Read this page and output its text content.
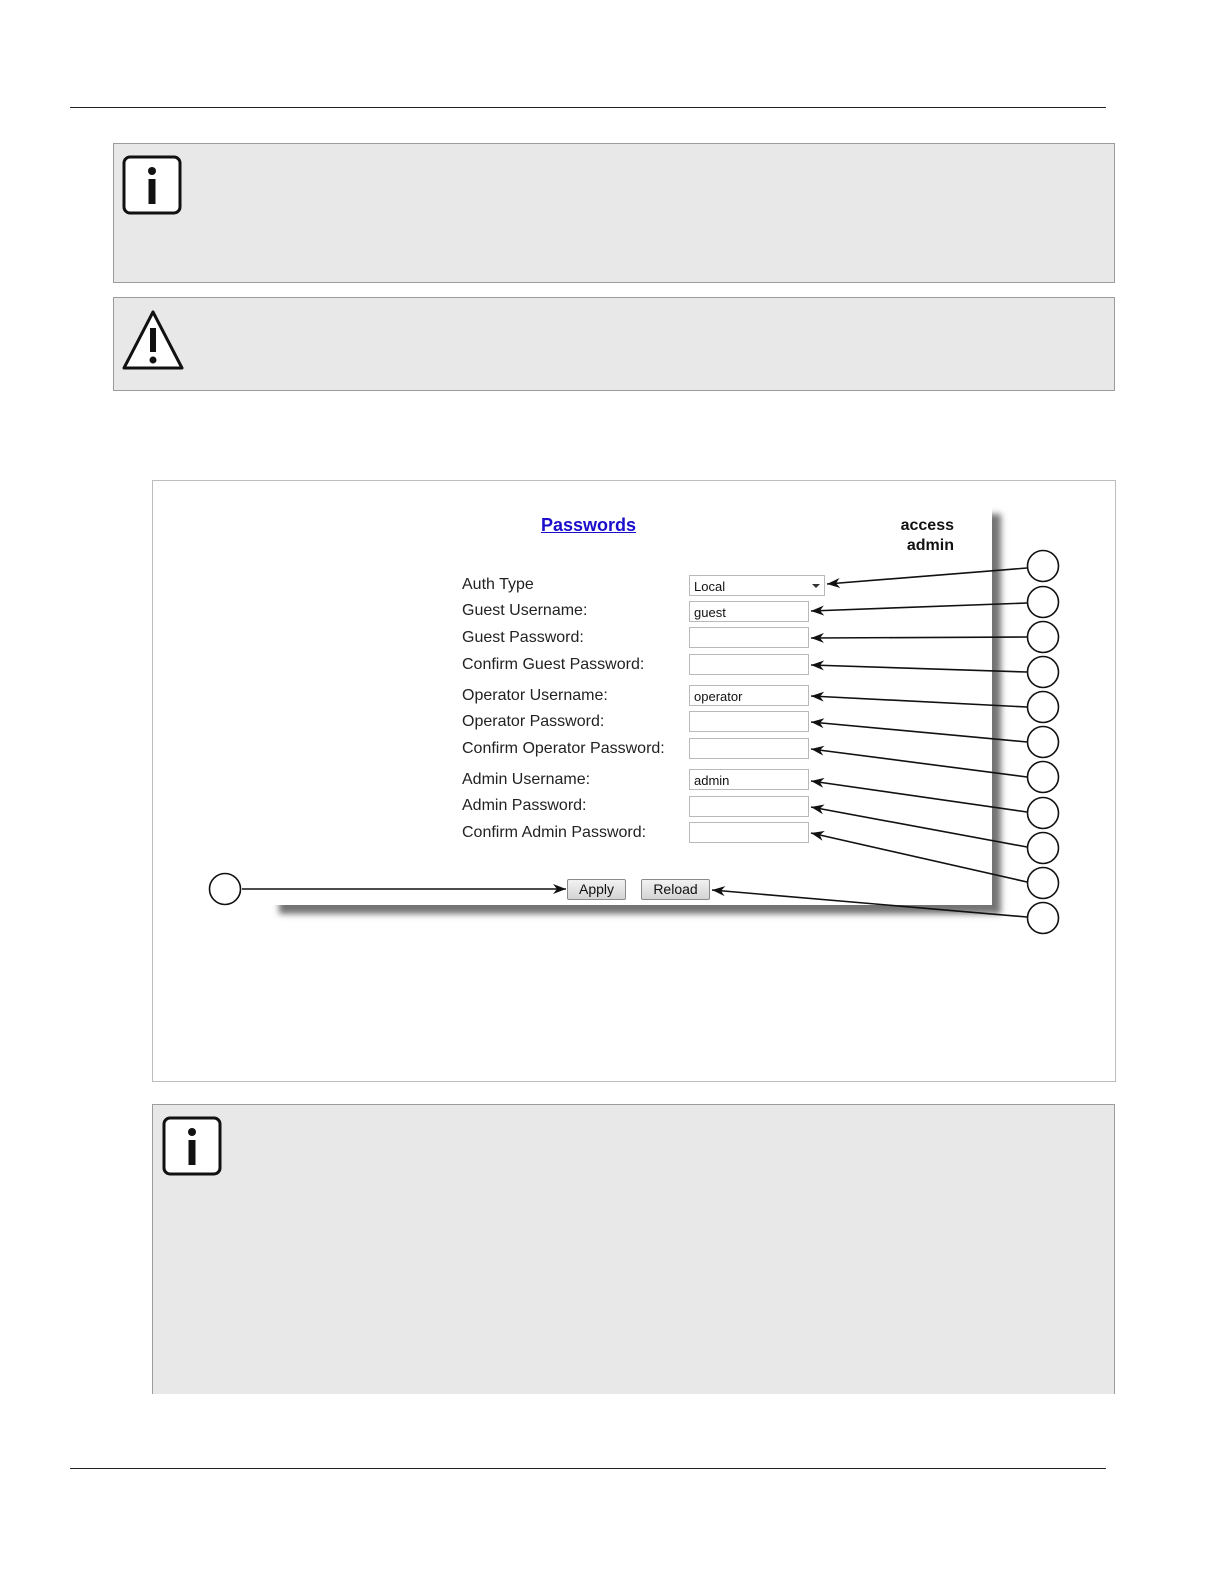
Passwords	access
admin
Auth Type	Local
Guest Username:	guest
Guest Password:
Confirm Guest Password:
Operator Username:	operator
Operator Password:
Confirm Operator Password:
Admin Username:	admin
Admin Password:
Confirm Admin Password:
Apply	Reload
